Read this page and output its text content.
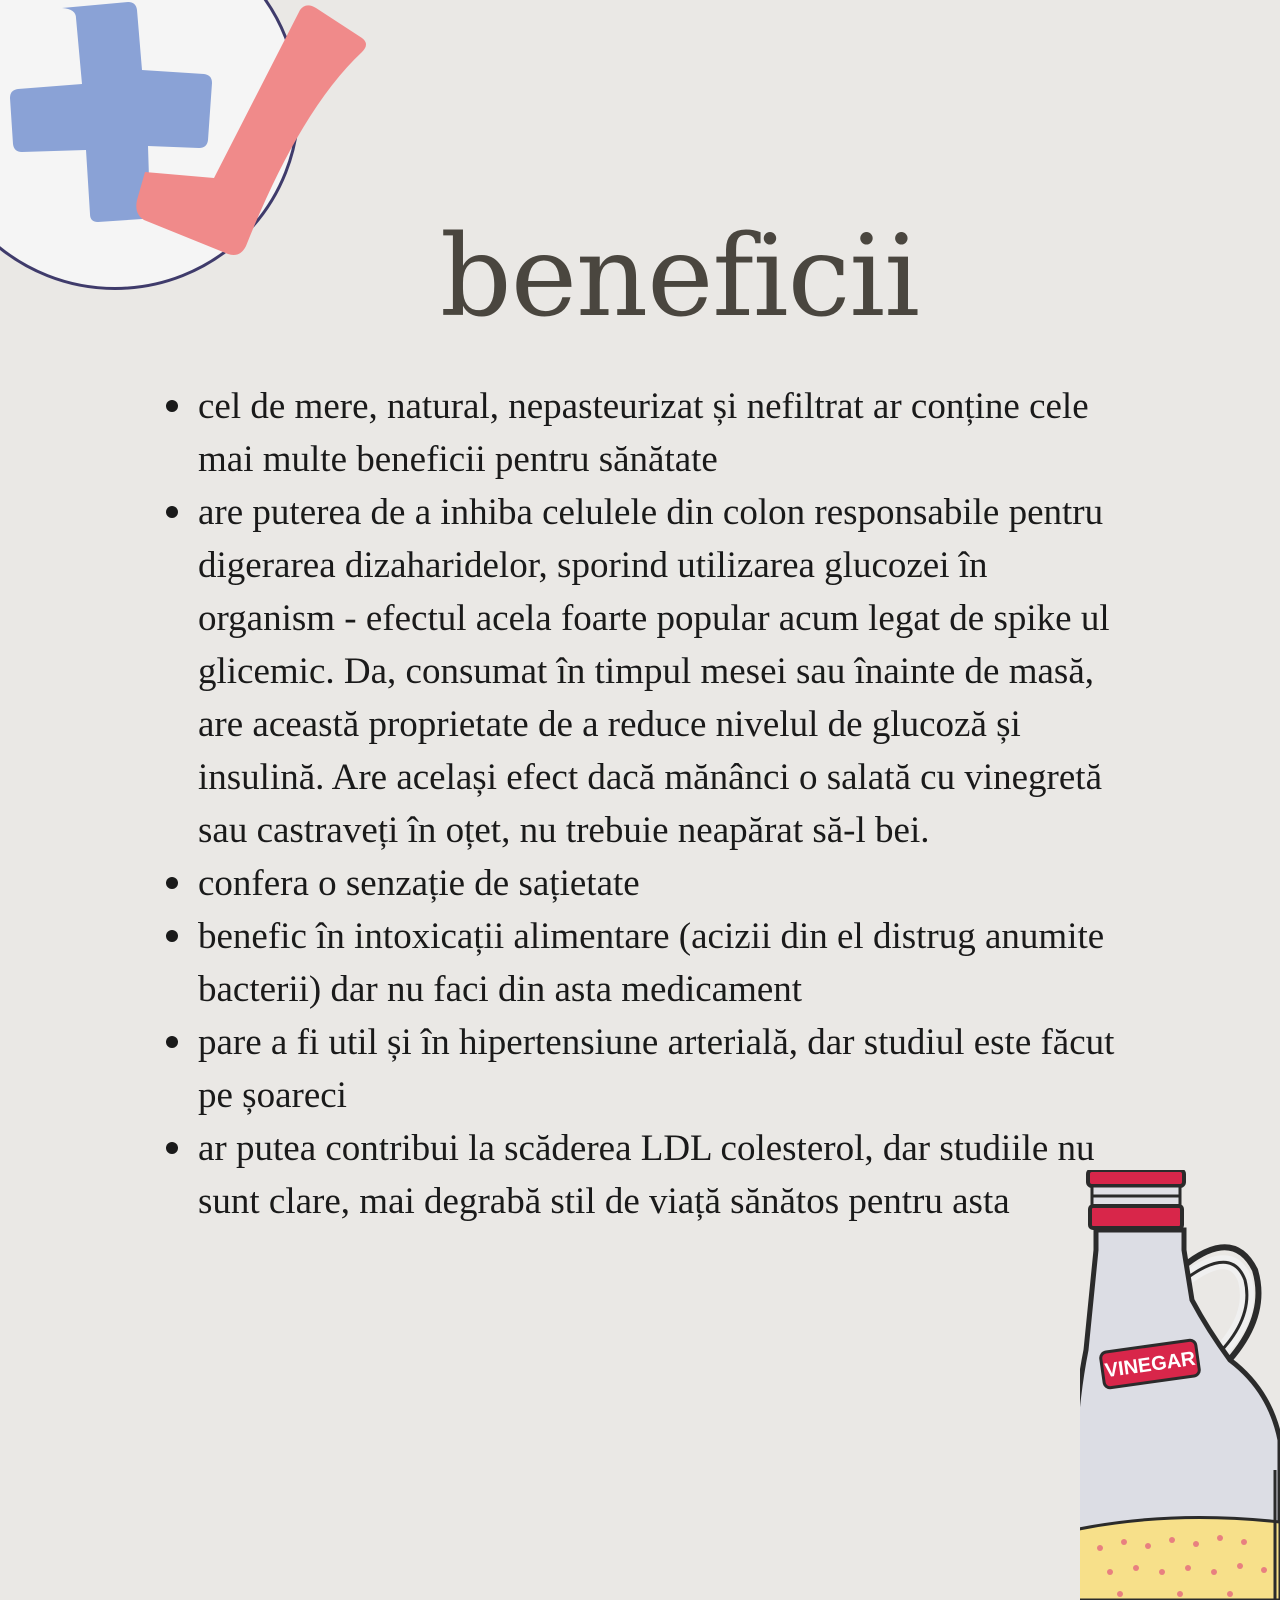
beneficii
cel de mere, natural, nepasteurizat și nefiltrat ar conține cele mai multe beneficii pentru sănătate
are puterea de a inhiba celulele din colon responsabile pentru digerarea dizaharidelor, sporind utilizarea glucozei în organism - efectul acela foarte popular acum legat de spike ul glicemic. Da, consumat în timpul mesei sau înainte de masă, are această proprietate de a reduce nivelul de glucoză și insulină. Are același efect dacă mănânci o salată cu vinegretă sau castraveți în oțet, nu trebuie neapărat să-l bei.
confera o senzație de sațietate
benefic în intoxicații alimentare (acizii din el distrug anumite bacterii) dar nu faci din asta medicament
pare a fi util și în hipertensiune arterială, dar studiul este făcut pe șoareci
ar putea contribui la scăderea LDL colesterol, dar studiile nu sunt clare, mai degrabă stil de viață sănătos pentru asta
VINEGAR
